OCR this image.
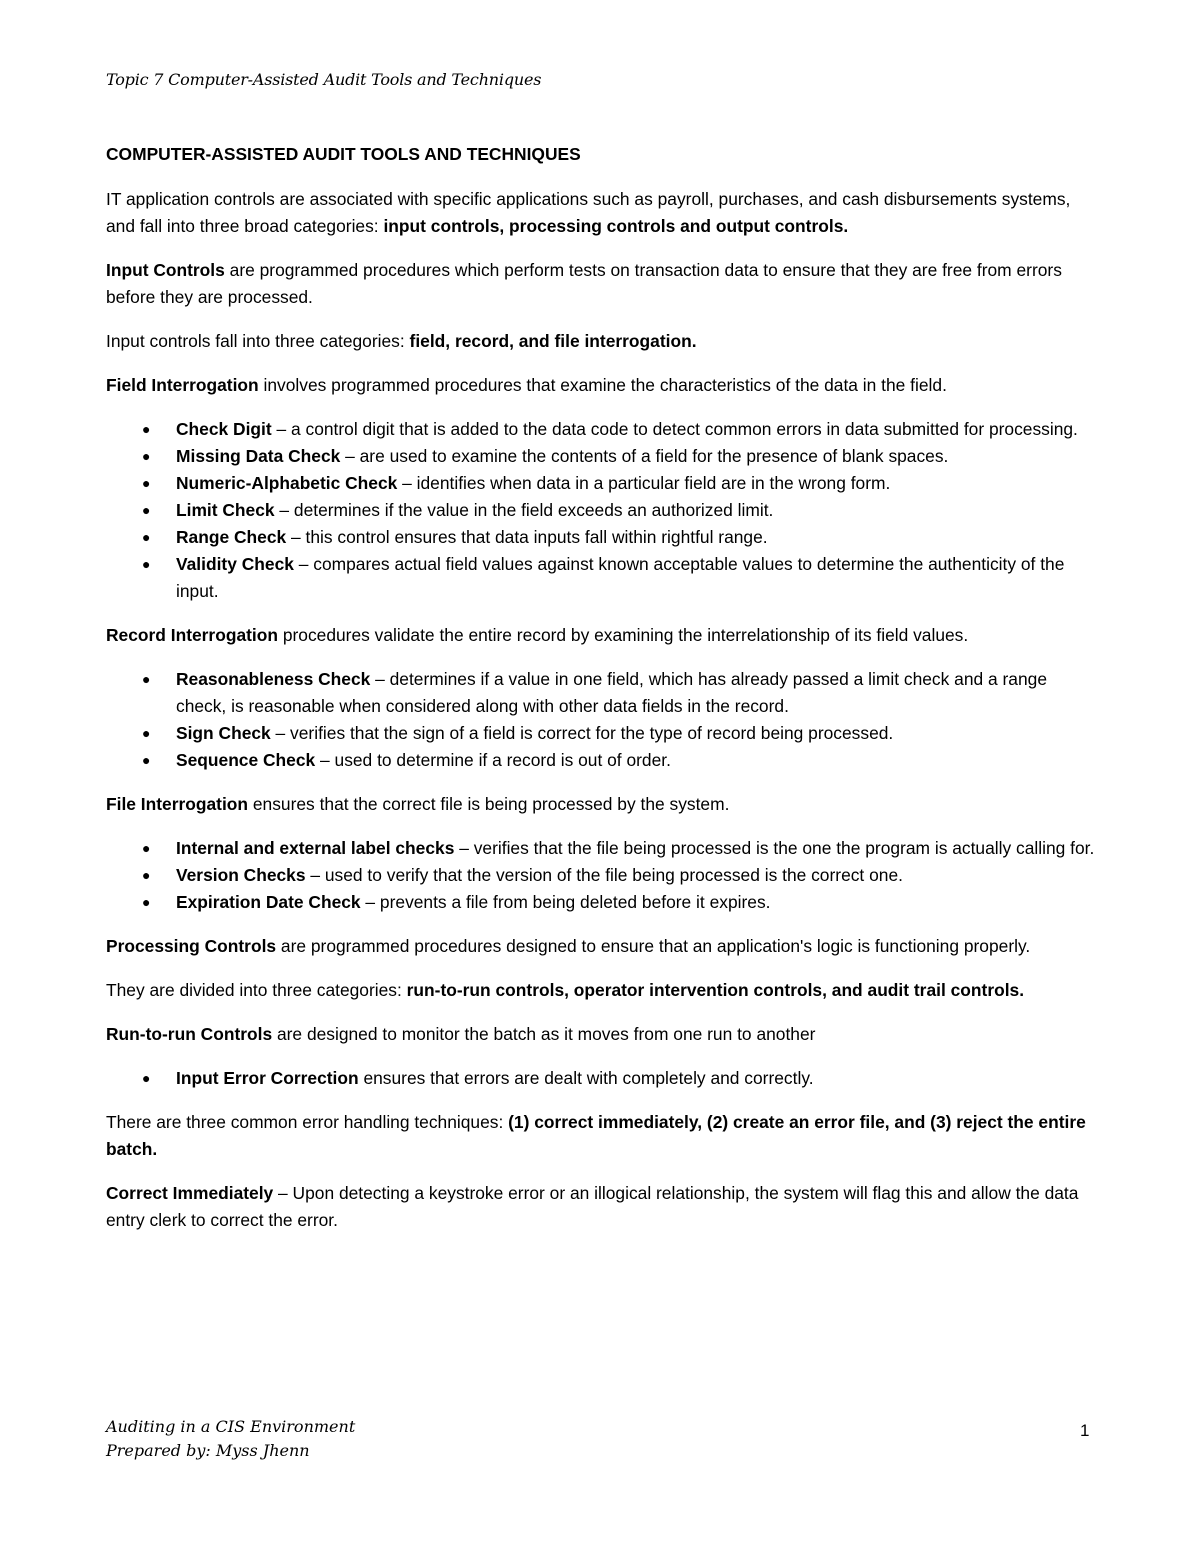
Topic 7 Computer-Assisted Audit Tools and Techniques
COMPUTER-ASSISTED AUDIT TOOLS AND TECHNIQUES

IT application controls are associated with specific applications such as payroll, purchases, and cash disbursements systems, and fall into three broad categories: input controls, processing controls and output controls.

Input Controls are programmed procedures which perform tests on transaction data to ensure that they are free from errors before they are processed.

Input controls fall into three categories: field, record, and file interrogation.

Field Interrogation involves programmed procedures that examine the characteristics of the data in the field.

● Check Digit – a control digit that is added to the data code to detect common errors in data submitted for processing.
● Missing Data Check – are used to examine the contents of a field for the presence of blank spaces.
● Numeric-Alphabetic Check – identifies when data in a particular field are in the wrong form.
● Limit Check – determines if the value in the field exceeds an authorized limit.
● Range Check – this control ensures that data inputs fall within rightful range.
● Validity Check – compares actual field values against known acceptable values to determine the authenticity of the input.

Record Interrogation procedures validate the entire record by examining the interrelationship of its field values.

● Reasonableness Check – determines if a value in one field, which has already passed a limit check and a range check, is reasonable when considered along with other data fields in the record.
● Sign Check – verifies that the sign of a field is correct for the type of record being processed.
● Sequence Check – used to determine if a record is out of order.

File Interrogation ensures that the correct file is being processed by the system.

● Internal and external label checks – verifies that the file being processed is the one the program is actually calling for.
● Version Checks – used to verify that the version of the file being processed is the correct one.
● Expiration Date Check – prevents a file from being deleted before it expires.

Processing Controls are programmed procedures designed to ensure that an application's logic is functioning properly.

They are divided into three categories: run-to-run controls, operator intervention controls, and audit trail controls.

Run-to-run Controls are designed to monitor the batch as it moves from one run to another

● Input Error Correction ensures that errors are dealt with completely and correctly.

There are three common error handling techniques: (1) correct immediately, (2) create an error file, and (3) reject the entire batch.

Correct Immediately – Upon detecting a keystroke error or an illogical relationship, the system will flag this and allow the data entry clerk to correct the error.

Auditing in a CIS Environment
Prepared by: Myss Jhenn
1
